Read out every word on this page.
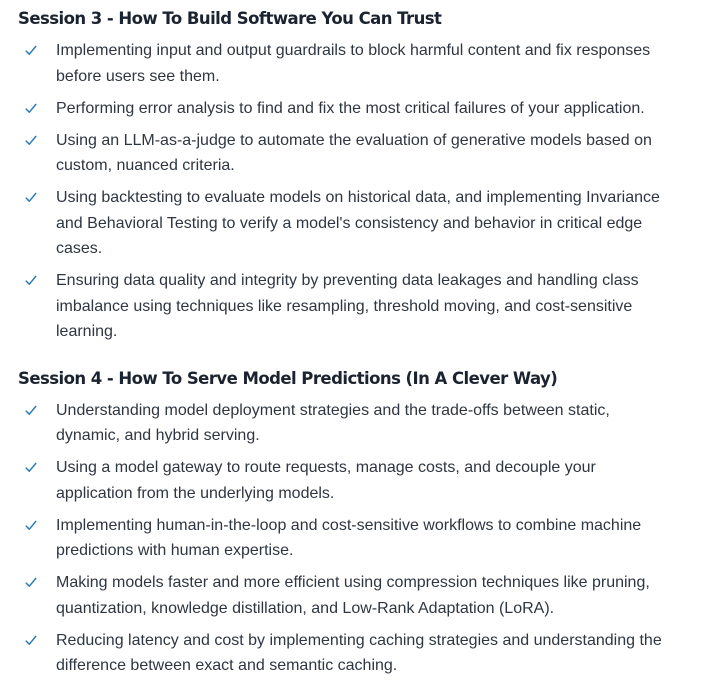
Session 3 - How To Build Software You Can Trust
Implementing input and output guardrails to block harmful content and fix responses before users see them.
Performing error analysis to find and fix the most critical failures of your application.
Using an LLM-as-a-judge to automate the evaluation of generative models based on custom, nuanced criteria.
Using backtesting to evaluate models on historical data, and implementing Invariance and Behavioral Testing to verify a model's consistency and behavior in critical edge cases.
Ensuring data quality and integrity by preventing data leakages and handling class imbalance using techniques like resampling, threshold moving, and cost-sensitive learning.
Session 4 - How To Serve Model Predictions (In A Clever Way)
Understanding model deployment strategies and the trade-offs between static, dynamic, and hybrid serving.
Using a model gateway to route requests, manage costs, and decouple your application from the underlying models.
Implementing human-in-the-loop and cost-sensitive workflows to combine machine predictions with human expertise.
Making models faster and more efficient using compression techniques like pruning, quantization, knowledge distillation, and Low-Rank Adaptation (LoRA).
Reducing latency and cost by implementing caching strategies and understanding the difference between exact and semantic caching.
